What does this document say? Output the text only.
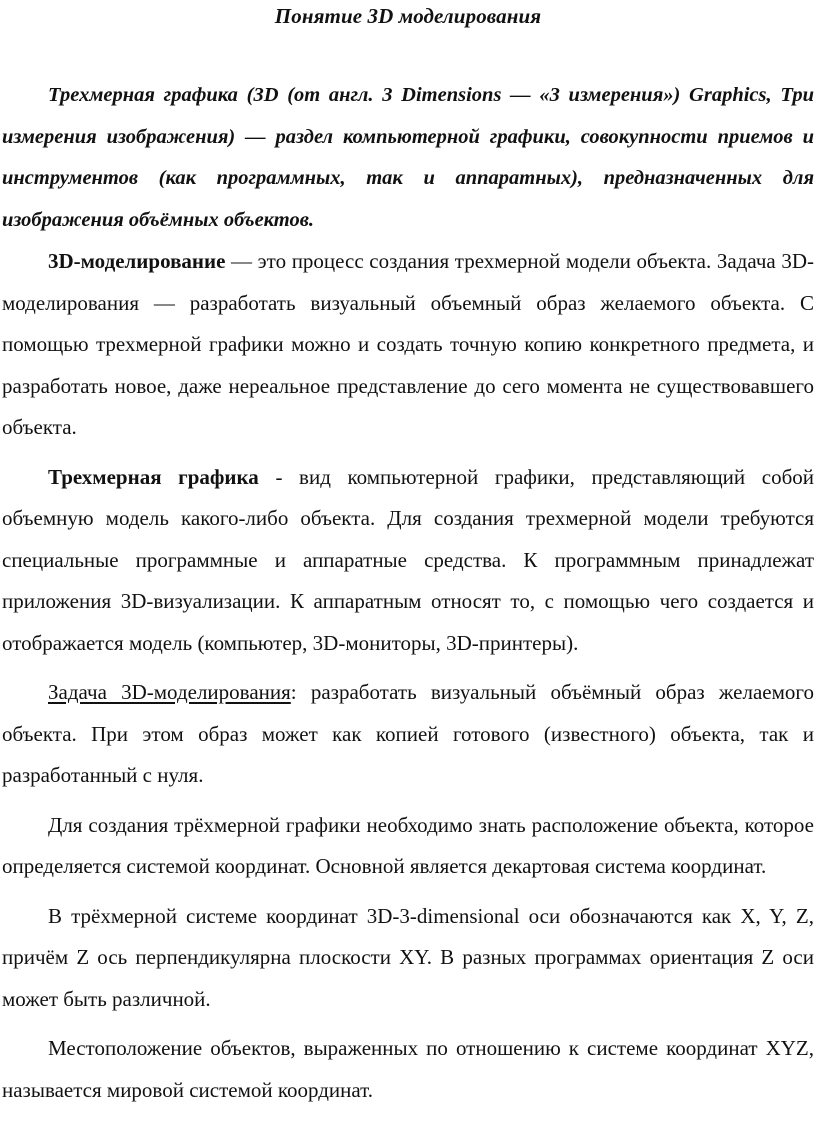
Понятие 3D моделирования

Трехмерная графика (3D (от англ. 3 Dimensions — «3 измерения») Graphics, Три измерения изображения) — раздел компьютерной графики, совокупности приемов и инструментов (как программных, так и аппаратных), предназначенных для изображения объёмных объектов.

3D-моделирование — это процесс создания трехмерной модели объекта. Задача 3D-моделирования — разработать визуальный объемный образ желаемого объекта. С помощью трехмерной графики можно и создать точную копию конкретного предмета, и разработать новое, даже нереальное представление до сего момента не существовавшего объекта.

Трехмерная графика - вид компьютерной графики, представляющий собой объемную модель какого-либо объекта. Для создания трехмерной модели требуются специальные программные и аппаратные средства. К программным принадлежат приложения 3D-визуализации. К аппаратным относят то, с помощью чего создается и отображается модель (компьютер, 3D-мониторы, 3D-принтеры).

Задача 3D-моделирования: разработать визуальный объёмный образ желаемого объекта. При этом образ может как копией готового (известного) объекта, так и разработанный с нуля.

Для создания трёхмерной графики необходимо знать расположение объекта, которое определяется системой координат. Основной является декартовая система координат.

В трёхмерной системе координат 3D-3-dimensional оси обозначаются как X, Y, Z, причём Z ось перпендикулярна плоскости XY. В разных программах ориентация Z оси может быть различной.

Местоположение объектов, выраженных по отношению к системе координат XYZ, называется мировой системой координат.
